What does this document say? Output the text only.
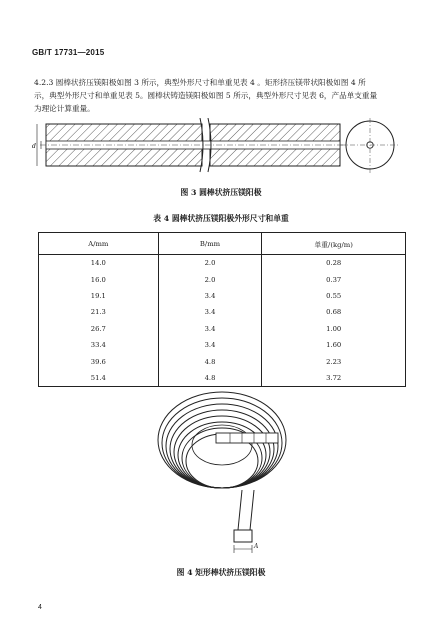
GB/T 17731—2015
4.2.3 圆棒状挤压镁阳极如图 3 所示，典型外形尺寸和单重见表 4 。矩形挤压镁带状阳极如图 4 所
示，典型外形尺寸和单重见表 5。圆棒状铸造镁阳极如图 5 所示，典型外形尺寸见表 6，产品单支重量
为理论计算重量。
d
图 3 圆棒状挤压镁阳极
表 4 圆棒状挤压镁阳极外形尺寸和单重
A/mm	B/mm	单重/(kg/m)
14.0	2.0	0.28
16.0	2.0	0.37
19.1	3.4	0.55
21.3	3.4	0.68
26.7	3.4	1.00
33.4	3.4	1.60
39.6	4.8	2.23
51.4	4.8	3.72
A
图 4 矩形棒状挤压镁阳极
4
